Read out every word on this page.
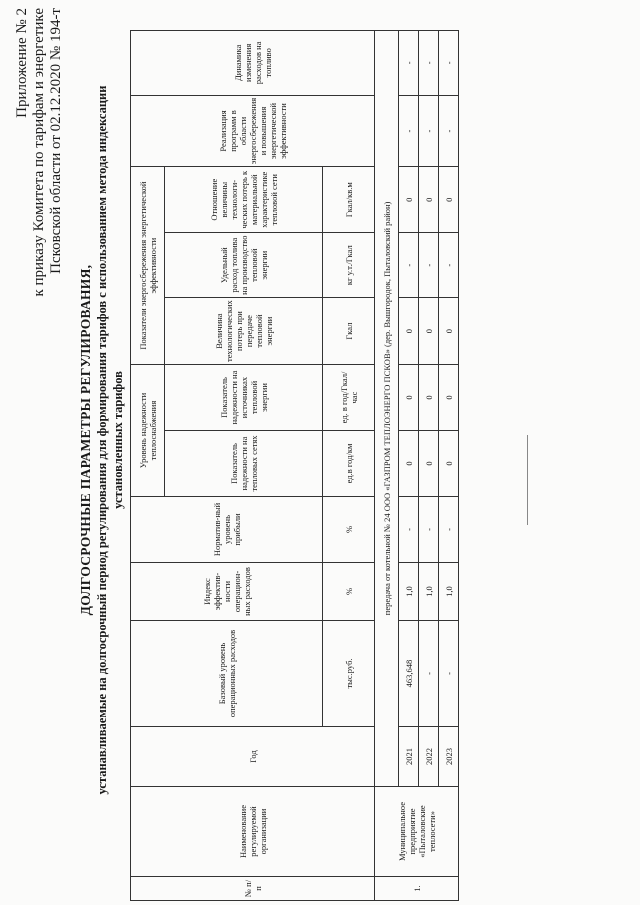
Приложение № 2 к приказу Комитета по тарифам и энергетике Псковской области от 02.12.2020 № 194-т
ДОЛГОСРОЧНЫЕ ПАРАМЕТРЫ РЕГУЛИРОВАНИЯ, устанавливаемые на долгосрочный период регулирования для формирования тарифов с использованием метода индексации установленных тарифов
№ п/п	Наименование регулируемой организации	Год	Базовый уровень операционных расходов	Индекс эффектив-ности операцион-ных расходов	Норматив-ный уровень прибыли	Уровень надежности теплоснабжения		Показатели энергосбережения энергетической эффективности			Реализация программ в области энергосбережения и повышения энергетической эффективности	Динамика изменения расходов на топливо
						Показатель надежности на тепловых сетях	Показатель надежности на источниках тепловой энергии	Величина технологических потерь при передаче тепловой энергии	Удельный расход топлива на производство тепловой энергии	Отношение величины технологи-ческих потерь к материальной характеристике тепловой сети		
			тыс.руб.	%	%	ед.в год/км	ед. в год/Гкал/час	Гкал	кг у.т./Гкал	Гкал/кв.м		
1.	Муниципальное предприятие «Пыталовские теплосети»	передача от котельной № 24 ООО «ГАЗПРОМ ТЕПЛОЭНЕРГО ПСКОВ» (дер. Вышгородок, Пыталовский район)										
		2021	463,648	1,0	-	0	0	0	-	0	-	-
		2022	-	1,0	-	0	0	0	-	0	-	-
		2023	-	1,0	-	0	0	0	-	0	-	-
